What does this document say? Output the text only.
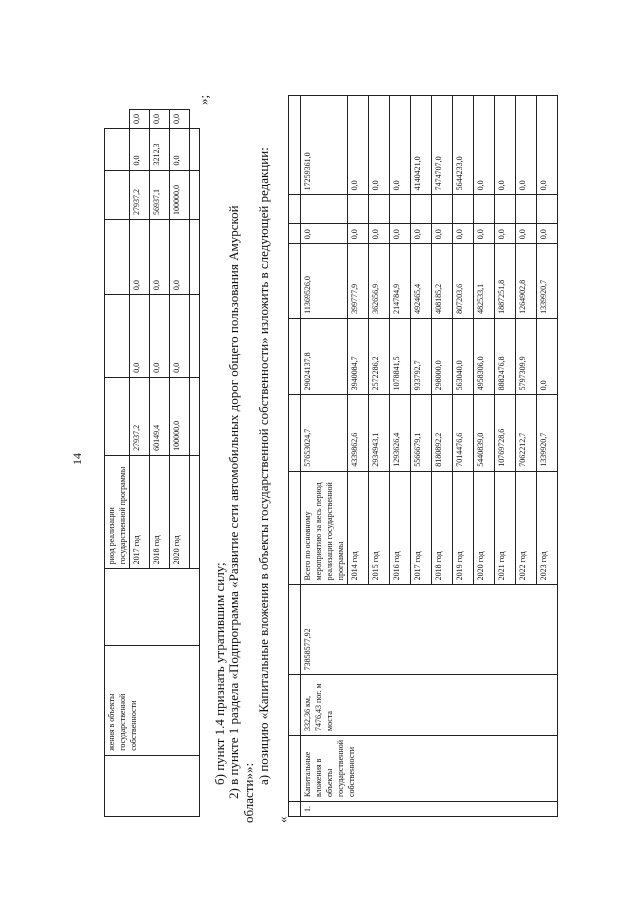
14
	жения в объекты государственной собственности		риод реализации государственной программы						
			2017 год	27937,2	0,0	0,0	27937,2	0,0	0,0
			2018 год	60149,4	0,0	0,0	56937,1	3212,3	0,0
			2020 год	100000,0	0,0	0,0	100000,0	0,0	0,0

»;
б) пункт 1.4 признать утратившим силу; 2) в пункте 1 раздела «Подпрограмма «Развитие сети автомобильных дорог общего пользования Амурской области»»:
а) позицию «Капитальные вложения в объекты государственной собственности» изложить в следующей редакции:
«

1.	Капитальные вложения в объекты государственной собственности	332,36 км, 7476,43 пог. м моста	73858577,92	Всего по основному мероприятию за весь период реализации государственной программы	57653024,7	29024137,8	11369526,0	0,0		17259361,0
				2014 год	4339862,6	3940084,7	399777,9	0,0		0,0
				2015 год	2934943,1	2572286,2	362656,9	0,0		0,0
				2016 год	1293626,4	1078841,5	214784,9	0,0		0,0
				2017 год	5566679,1	933792,7	492465,4	0,0		4140421,0
				2018 год	8180892,2	298000,0	408185,2	0,0		7474707,0
				2019 год	7014476,6	563040,0	807203,6	0,0		5644233,0
				2020 год	5440839,0	4958306,0	482533,1	0,0		0,0
				2021 год	10769728,6	8882476,8	1887251,8	0,0		0,0
				2022 год	7062212,7	5797309,9	1264902,8	0,0		0,0
				2023 год	1339920,7	0,0	1339920,7	0,0		0,0
